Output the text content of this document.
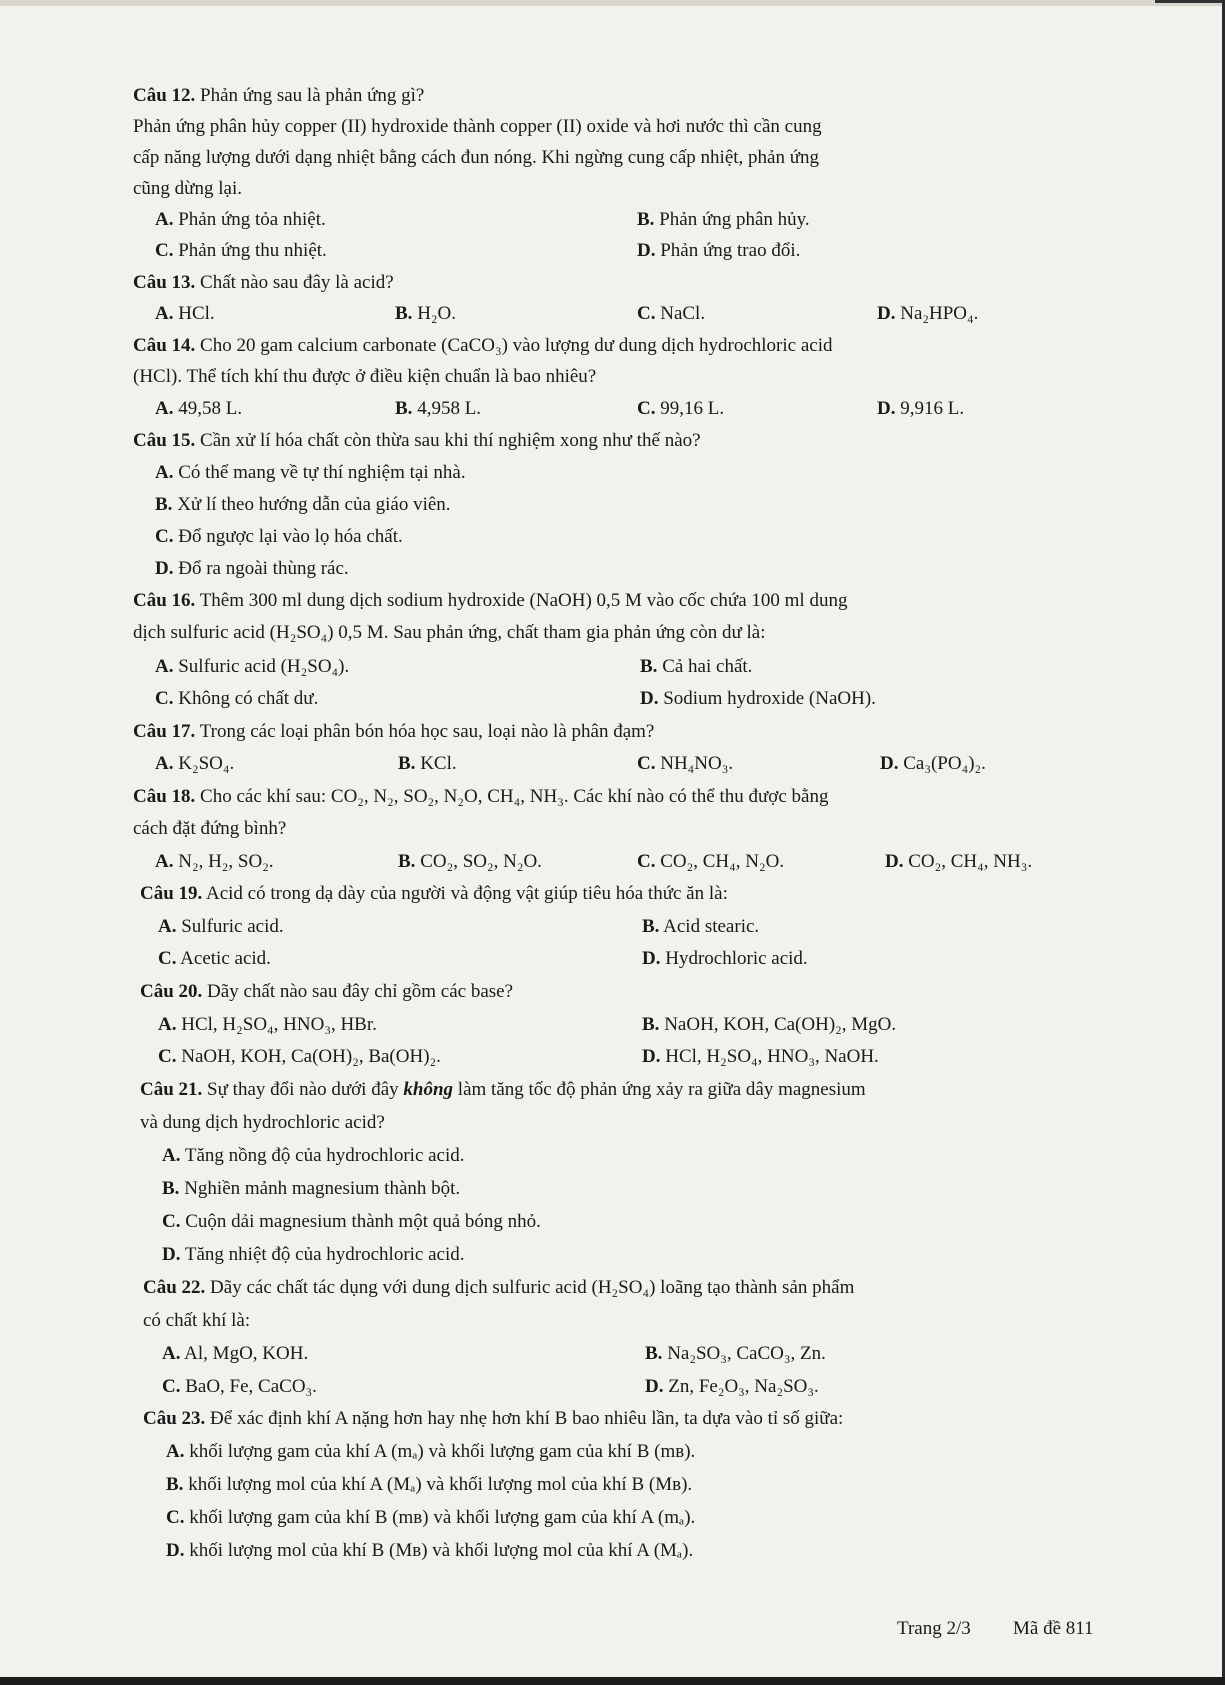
Câu 12. Phản ứng sau là phản ứng gì?
Phản ứng phân hủy copper (II) hydroxide thành copper (II) oxide và hơi nước thì cần cung
cấp năng lượng dưới dạng nhiệt bằng cách đun nóng. Khi ngừng cung cấp nhiệt, phản ứng
cũng dừng lại.
A. Phản ứng tỏa nhiệt.	B. Phản ứng phân hủy.
C. Phản ứng thu nhiệt.	D. Phản ứng trao đổi.
Câu 13. Chất nào sau đây là acid?
A. HCl.	B. H₂O.	C. NaCl.	D. Na₂HPO₄.
Câu 14. Cho 20 gam calcium carbonate (CaCO₃) vào lượng dư dung dịch hydrochloric acid
(HCl). Thể tích khí thu được ở điều kiện chuẩn là bao nhiêu?
A. 49,58 L.	B. 4,958 L.	C. 99,16 L.	D. 9,916 L.
Câu 15. Cần xử lí hóa chất còn thừa sau khi thí nghiệm xong như thế nào?
A. Có thể mang về tự thí nghiệm tại nhà.
B. Xử lí theo hướng dẫn của giáo viên.
C. Đổ ngược lại vào lọ hóa chất.
D. Đổ ra ngoài thùng rác.
Câu 16. Thêm 300 ml dung dịch sodium hydroxide (NaOH) 0,5 M vào cốc chứa 100 ml dung
dịch sulfuric acid (H₂SO₄) 0,5 M. Sau phản ứng, chất tham gia phản ứng còn dư là:
A. Sulfuric acid (H₂SO₄).	B. Cả hai chất.
C. Không có chất dư.	D. Sodium hydroxide (NaOH).
Câu 17. Trong các loại phân bón hóa học sau, loại nào là phân đạm?
A. K₂SO₄.	B. KCl.	C. NH₄NO₃.	D. Ca₃(PO₄)₂.
Câu 18. Cho các khí sau: CO₂, N₂, SO₂, N₂O, CH₄, NH₃. Các khí nào có thể thu được bằng
cách đặt đứng bình?
A. N₂, H₂, SO₂.	B. CO₂, SO₂, N₂O.	C. CO₂, CH₄, N₂O.	D. CO₂, CH₄, NH₃.
Câu 19. Acid có trong dạ dày của người và động vật giúp tiêu hóa thức ăn là:
A. Sulfuric acid.	B. Acid stearic.
C. Acetic acid.	D. Hydrochloric acid.
Câu 20. Dãy chất nào sau đây chỉ gồm các base?
A. HCl, H₂SO₄, HNO₃, HBr.	B. NaOH, KOH, Ca(OH)₂, MgO.
C. NaOH, KOH, Ca(OH)₂, Ba(OH)₂.	D. HCl, H₂SO₄, HNO₃, NaOH.
Câu 21. Sự thay đổi nào dưới đây không làm tăng tốc độ phản ứng xảy ra giữa dây magnesium
và dung dịch hydrochloric acid?
A. Tăng nồng độ của hydrochloric acid.
B. Nghiền mảnh magnesium thành bột.
C. Cuộn dải magnesium thành một quả bóng nhỏ.
D. Tăng nhiệt độ của hydrochloric acid.
Câu 22. Dãy các chất tác dụng với dung dịch sulfuric acid (H₂SO₄) loãng tạo thành sản phẩm
có chất khí là:
A. Al, MgO, KOH.	B. Na₂SO₃, CaCO₃, Zn.
C. BaO, Fe, CaCO₃.	D. Zn, Fe₂O₃, Na₂SO₃.
Câu 23. Để xác định khí A nặng hơn hay nhẹ hơn khí B bao nhiêu lần, ta dựa vào tỉ số giữa:
A. khối lượng gam của khí A (mₐ) và khối lượng gam của khí B (mʙ).
B. khối lượng mol của khí A (Mₐ) và khối lượng mol của khí B (Mʙ).
C. khối lượng gam của khí B (mʙ) và khối lượng gam của khí A (mₐ).
D. khối lượng mol của khí B (Mʙ) và khối lượng mol của khí A (Mₐ).
Trang 2/3 Mã đề 811
